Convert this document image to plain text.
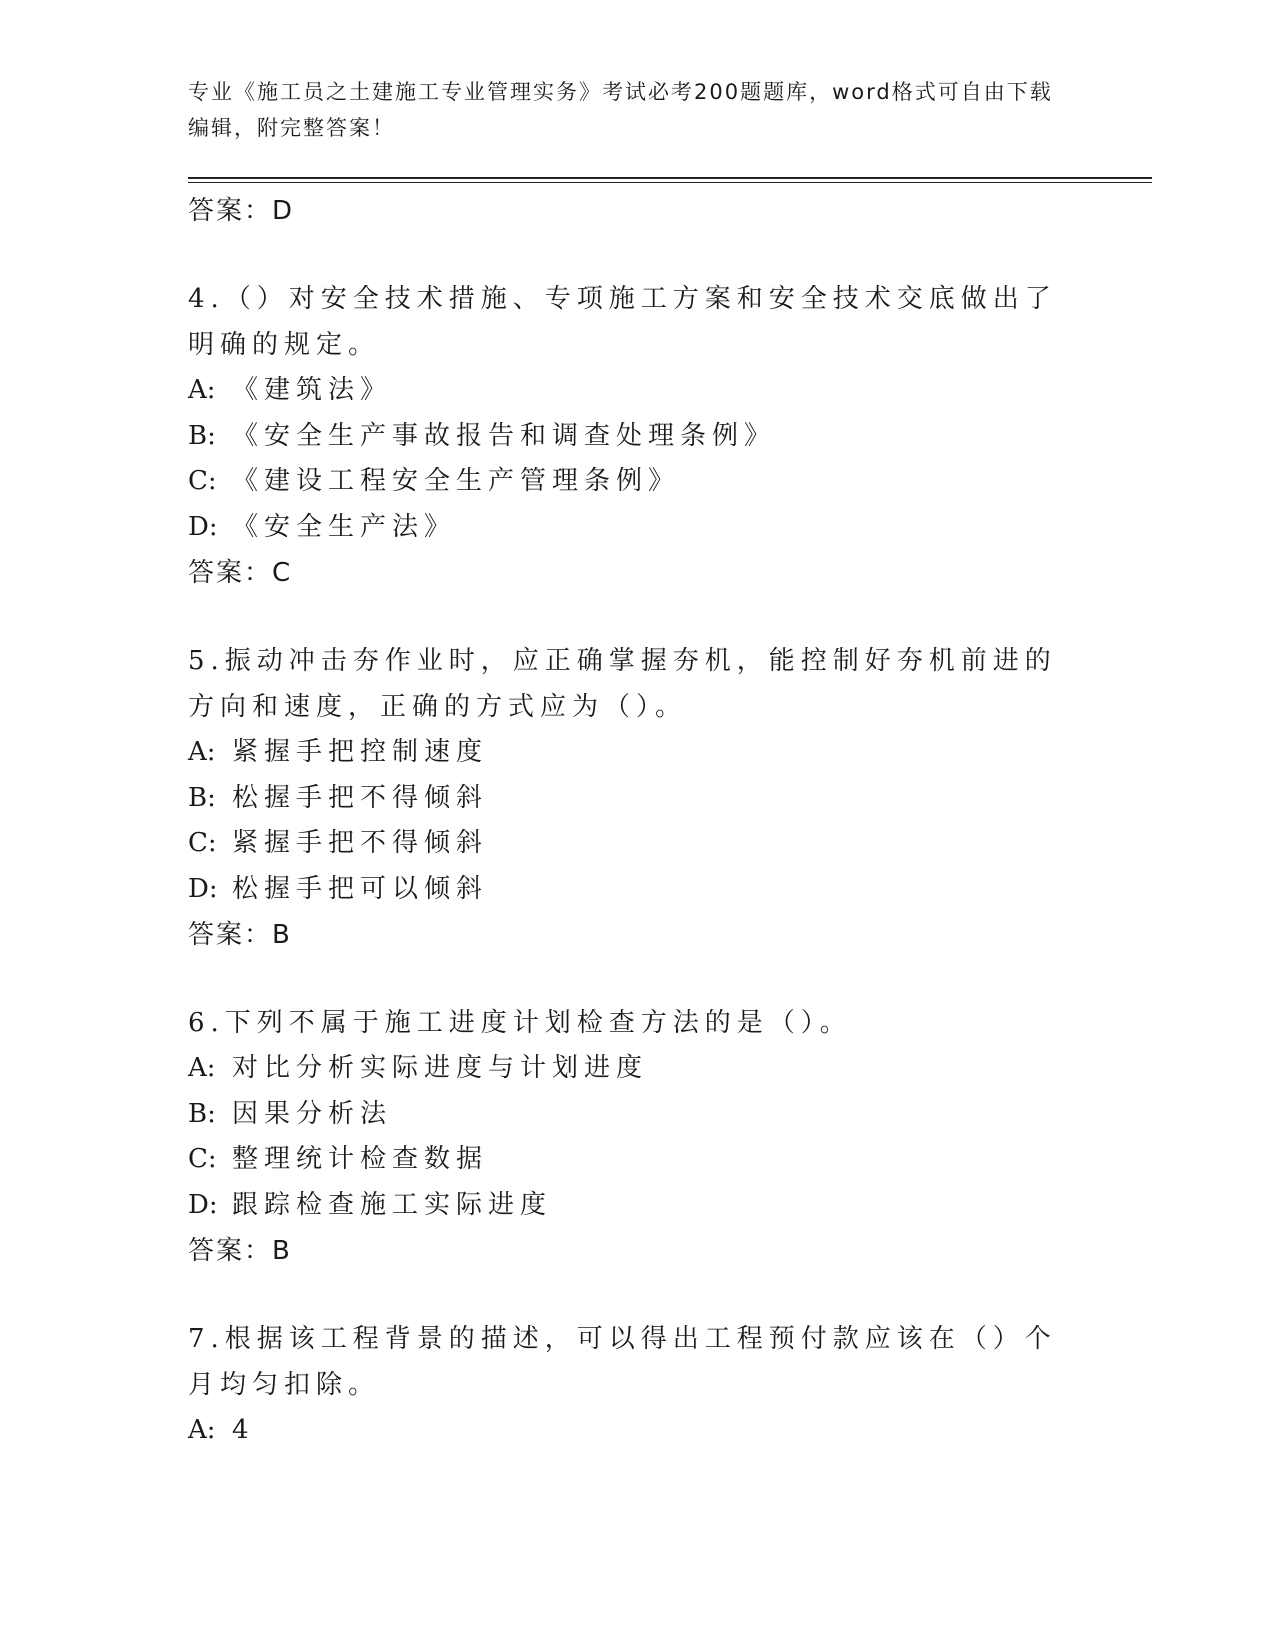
专业《施工员之土建施工专业管理实务》考试必考200题题库，word格式可自由下载编辑，附完整答案！
答案：D
4.（）对安全技术措施、专项施工方案和安全技术交底做出了明确的规定。
A: 《建筑法》
B: 《安全生产事故报告和调查处理条例》
C: 《建设工程安全生产管理条例》
D: 《安全生产法》
答案：C
5.振动冲击夯作业时，应正确掌握夯机，能控制好夯机前进的方向和速度，正确的方式应为（）。
A: 紧握手把控制速度
B: 松握手把不得倾斜
C: 紧握手把不得倾斜
D: 松握手把可以倾斜
答案：B
6.下列不属于施工进度计划检查方法的是（）。
A: 对比分析实际进度与计划进度
B: 因果分析法
C: 整理统计检查数据
D: 跟踪检查施工实际进度
答案：B
7.根据该工程背景的描述，可以得出工程预付款应该在（）个月均匀扣除。
A: 4
